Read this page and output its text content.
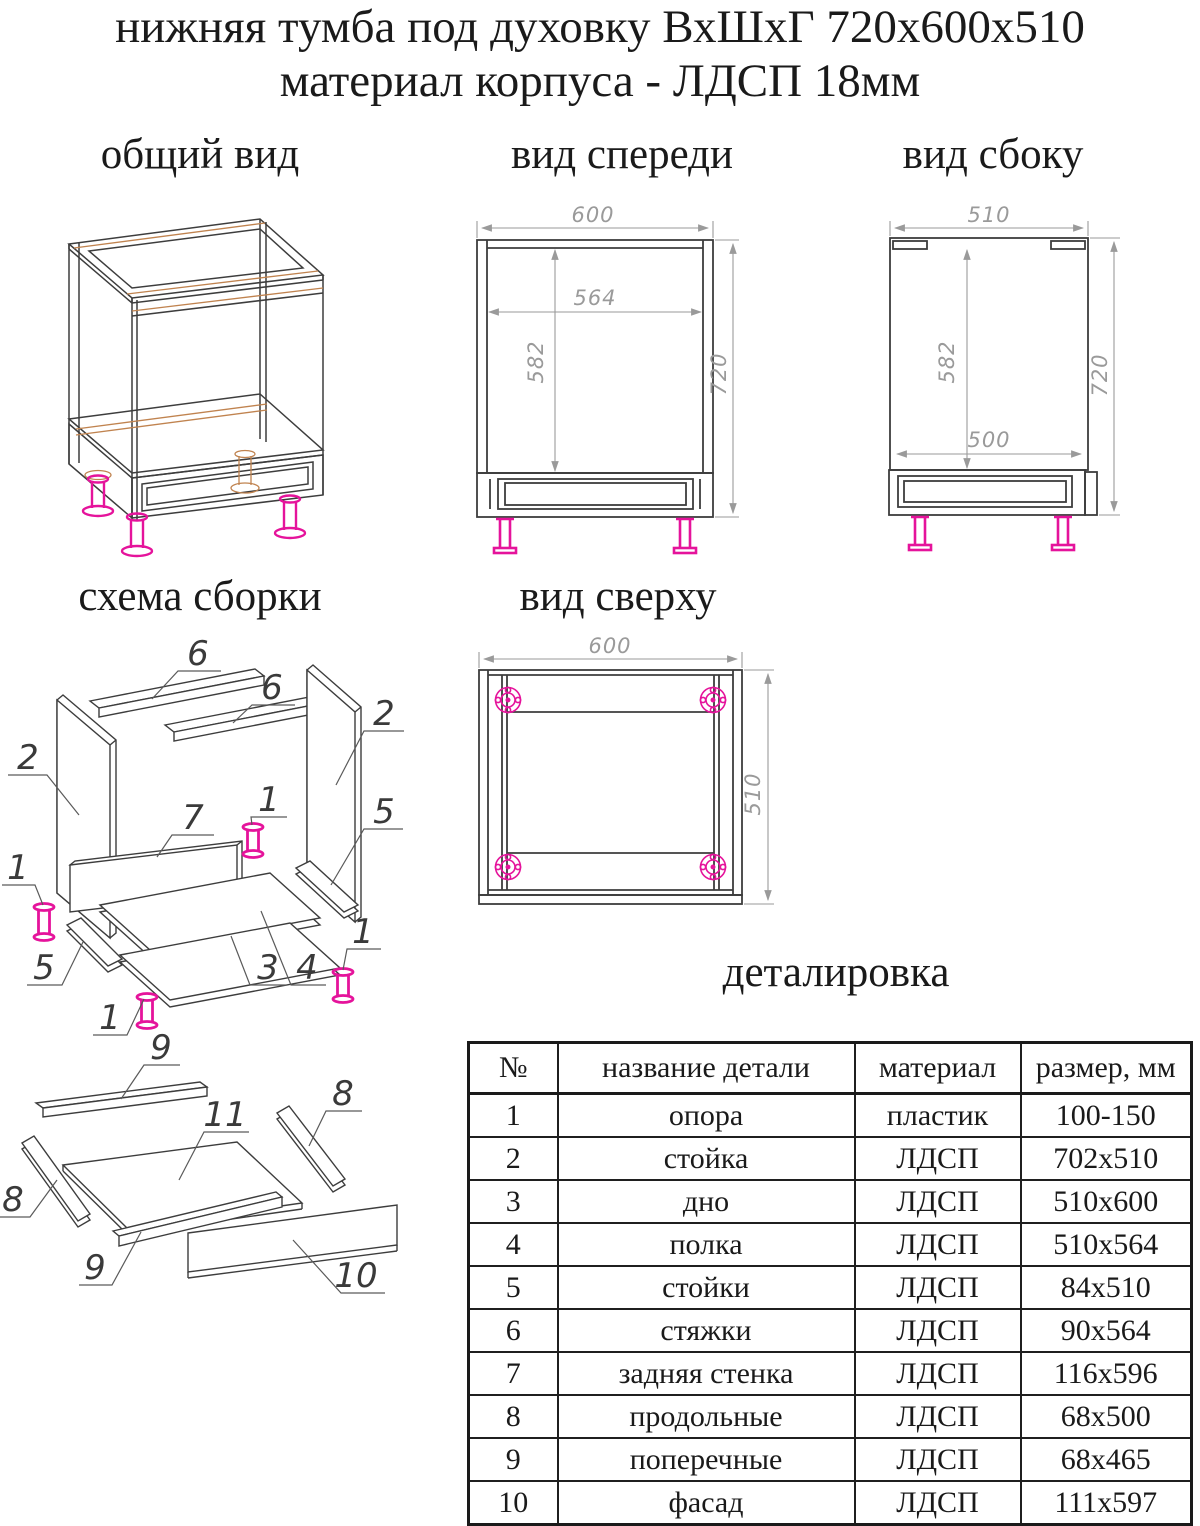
нижняя тумба под духовку ВхШхГ 720x600x510
материал корпуса - ЛДСП 18мм
общий вид	вид спереди	вид сбоку
схема сборки	вид сверху
деталировка
600
564
582	720
510
582
500
720
600
510
6
6
2
2
7 1	5
1
5	3 4
1
1
9
11
8
8
9	10
№	название детали	материал	размер, мм
1	опора	пластик	100-150
2	стойка	ЛДСП	702x510
3	дно	ЛДСП	510x600
4	полка	ЛДСП	510x564
5	стойки	ЛДСП	84x510
6	стяжки	ЛДСП	90x564
7	задняя стенка	ЛДСП	116x596
8	продольные	ЛДСП	68x500
9	поперечные	ЛДСП	68x465
10	фасад	ЛДСП	111x597
